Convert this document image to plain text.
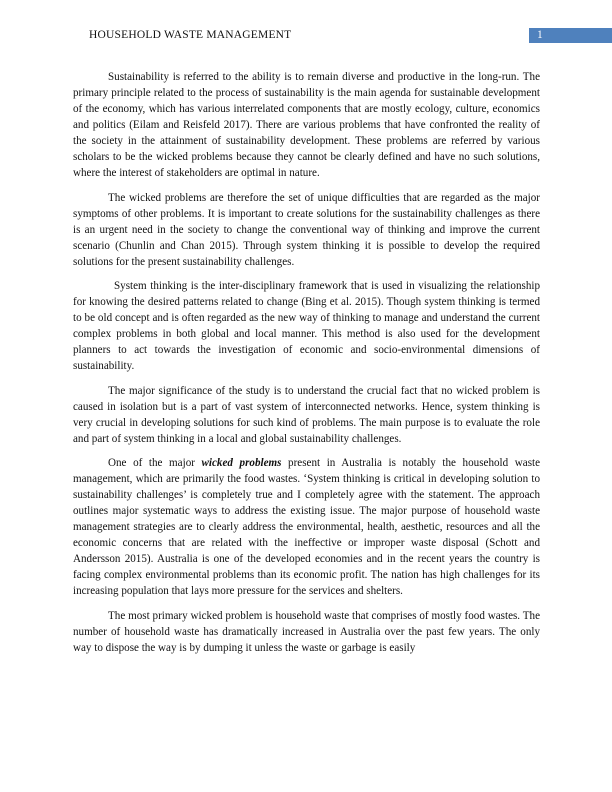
HOUSEHOLD WASTE MANAGEMENT	1

Sustainability is referred to the ability is to remain diverse and productive in the long-run. The primary principle related to the process of sustainability is the main agenda for sustainable development of the economy, which has various interrelated components that are mostly ecology, culture, economics and politics (Eilam and Reisfeld 2017). There are various problems that have confronted the reality of the society in the attainment of sustainability development. These problems are referred by various scholars to be the wicked problems because they cannot be clearly defined and have no such solutions, where the interest of stakeholders are optimal in nature.

The wicked problems are therefore the set of unique difficulties that are regarded as the major symptoms of other problems. It is important to create solutions for the sustainability challenges as there is an urgent need in the society to change the conventional way of thinking and improve the current scenario (Chunlin and Chan 2015). Through system thinking it is possible to develop the required solutions for the present sustainability challenges.

System thinking is the inter-disciplinary framework that is used in visualizing the relationship for knowing the desired patterns related to change (Bing et al. 2015). Though system thinking is termed to be old concept and is often regarded as the new way of thinking to manage and understand the current complex problems in both global and local manner. This method is also used for the development planners to act towards the investigation of economic and socio-environmental dimensions of sustainability.

The major significance of the study is to understand the crucial fact that no wicked problem is caused in isolation but is a part of vast system of interconnected networks. Hence, system thinking is very crucial in developing solutions for such kind of problems. The main purpose is to evaluate the role and part of system thinking in a local and global sustainability challenges.

One of the major wicked problems present in Australia is notably the household waste management, which are primarily the food wastes. ‘System thinking is critical in developing solution to sustainability challenges’ is completely true and I completely agree with the statement. The approach outlines major systematic ways to address the existing issue. The major purpose of household waste management strategies are to clearly address the environmental, health, aesthetic, resources and all the economic concerns that are related with the ineffective or improper waste disposal (Schott and Andersson 2015). Australia is one of the developed economies and in the recent years the country is facing complex environmental problems than its economic profit. The nation has high challenges for its increasing population that lays more pressure for the services and shelters.

The most primary wicked problem is household waste that comprises of mostly food wastes. The number of household waste has dramatically increased in Australia over the past few years. The only way to dispose the way is by dumping it unless the waste or garbage is easily
